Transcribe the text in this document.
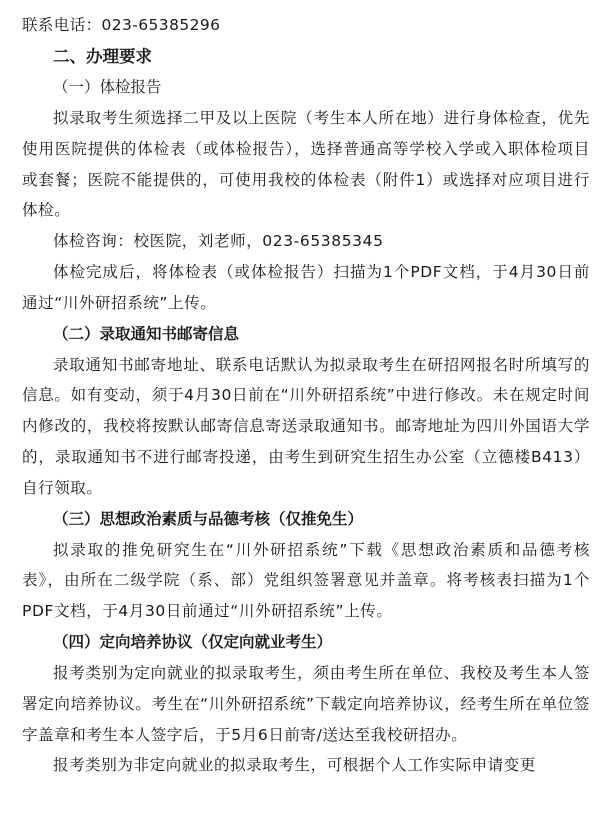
联系电话：023-65385296
二、办理要求
（一）体检报告

拟录取考生须选择二甲及以上医院（考生本人所在地）进行身体检查，优先使用医院提供的体检表（或体检报告），选择普通高等学校入学或入职体检项目或套餐；医院不能提供的，可使用我校的体检表（附件1）或选择对应项目进行体检。

体检咨询：校医院，刘老师，023-65385345

体检完成后，将体检表（或体检报告）扫描为1个PDF文档，于4月30日前通过“川外研招系统”上传。

（二）录取通知书邮寄信息

录取通知书邮寄地址、联系电话默认为拟录取考生在研招网报名时所填写的信息。如有变动，须于4月30日前在“川外研招系统”中进行修改。未在规定时间内修改的，我校将按默认邮寄信息寄送录取通知书。邮寄地址为四川外国语大学的，录取通知书不进行邮寄投递，由考生到研究生招生办公室（立德楼B413）自行领取。

（三）思想政治素质与品德考核（仅推免生）

拟录取的推免研究生在“川外研招系统”下载《思想政治素质和品德考核表》，由所在二级学院（系、部）党组织签署意见并盖章。将考核表扫描为1个PDF文档，于4月30日前通过“川外研招系统”上传。

（四）定向培养协议（仅定向就业考生）

报考类别为定向就业的拟录取考生，须由考生所在单位、我校及考生本人签署定向培养协议。考生在“川外研招系统”下载定向培养协议，经考生所在单位签字盖章和考生本人签字后，于5月6日前寄/送达至我校研招办。

报考类别为非定向就业的拟录取考生，可根据个人工作实际申请变更
